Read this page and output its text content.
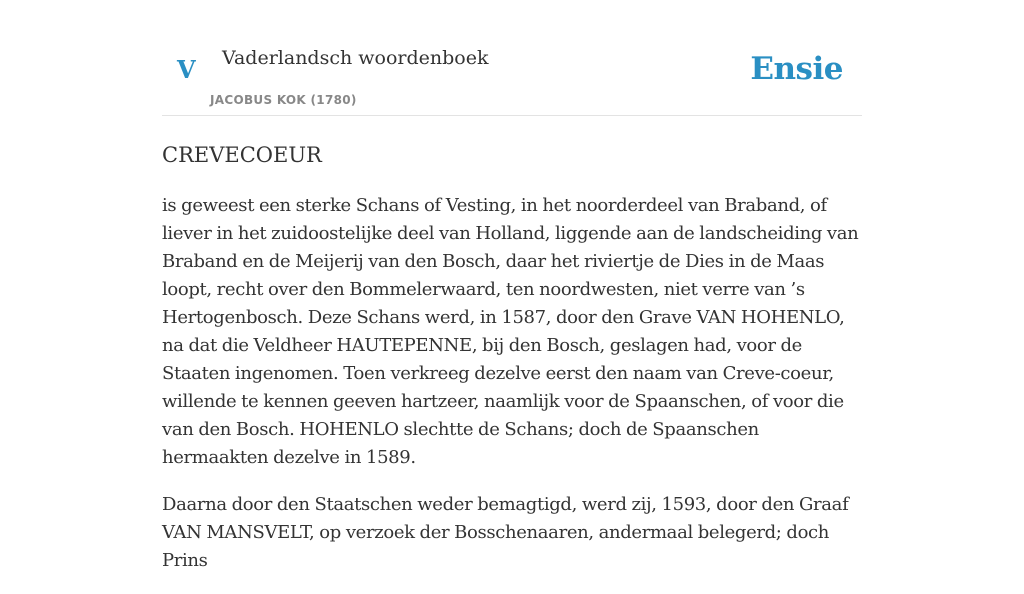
V Vaderlandsch woordenboek
JACOBUS KOK (1780)
Ensie
CREVECOEUR

is geweest een sterke Schans of Vesting, in het noorderdeel van Braband, of liever in het zuidoostelijke deel van Holland, liggende aan de landscheiding van Braband en de Meijerij van den Bosch, daar het riviertje de Dies in de Maas loopt, recht over den Bommelerwaard, ten noordwesten, niet verre van ’s Hertogenbosch. Deze Schans werd, in 1587, door den Grave VAN HOHENLO, na dat die Veldheer HAUTEPENNE, bij den Bosch, geslagen had, voor de Staaten ingenomen. Toen verkreeg dezelve eerst den naam van Creve-coeur, willende te kennen geeven hartzeer, naamlijk voor de Spaanschen, of voor die van den Bosch. HOHENLO slechtte de Schans; doch de Spaanschen hermaakten dezelve in 1589.

Daarna door den Staatschen weder bemagtigd, werd zij, 1593, door den Graaf VAN MANSVELT, op verzoek der Bosschenaaren, andermaal belegerd; doch Prins
